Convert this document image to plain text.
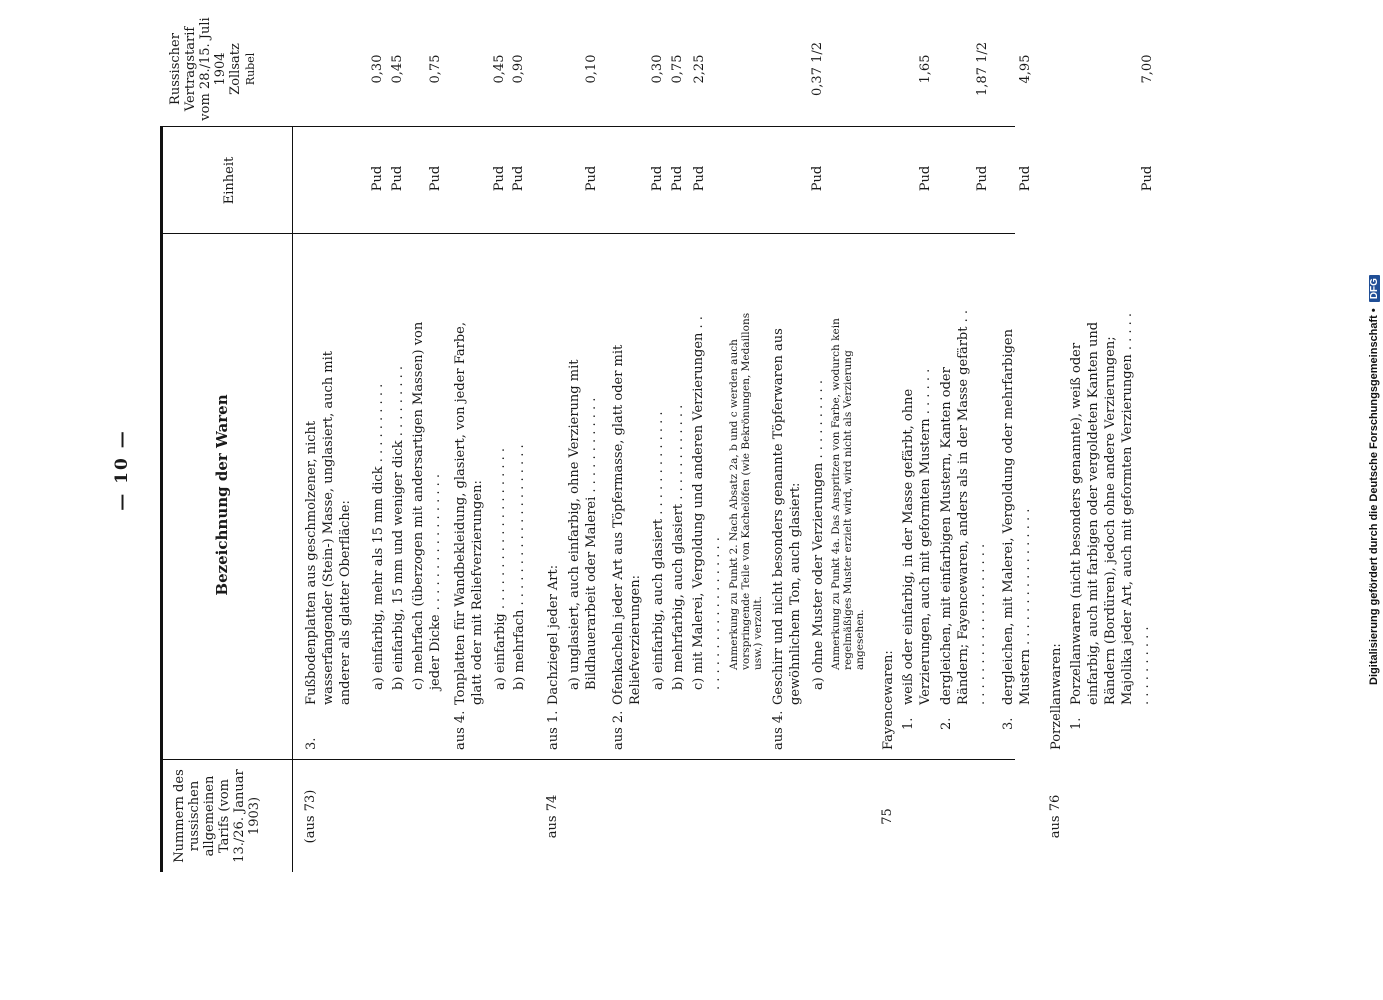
Digitalisierung gefördert durch die Deutsche Forschungsgemeinschaft • DFG
— 10 —
Nummern des russischen allgemeinen Tarifs (vom 13./26. Januar 1903)
Bezeichnung der Waren
Einheit
Russischer Vertragstarif vom 28./15. Juli 1904 Zollsatz Rubel
(aus 73)
3.
Fußbodenplatten aus geschmolzener, nicht wasserfangender (Stein-) Masse, unglasiert, auch mit anderer als glatter Oberfläche: a) einfarbig, mehr als 15 mm dick . . . . . . . . . .
Pud
0,30
b) einfarbig, 15 mm und weniger dick . . . . . . . . .
Pud
0,45
c) mehrfach (überzogen mit andersartigen Massen) von jeder Dicke . . . . . . . . . . . . . . . . .
Pud
0,75
aus 4.
Tonplatten für Wandbekleidung, glasiert, von jeder Farbe, glatt oder mit Reliefverzierungen: a) einfarbig . . . . . . . . . . . . . . . . . . . .
Pud
0,45
b) mehrfach . . . . . . . . . . . . . . . . . . . .
Pud
0,90
aus 74
aus 1.
Dachziegel jeder Art: a) unglasiert, auch einfarbig, ohne Verzierung mit Bildhauerarbeit oder Malerei . . . . . . . . . . . .
Pud
0,10
aus 2.
Ofenkacheln jeder Art aus Töpfermasse, glatt oder mit Reliefverzierungen: a) einfarbig, auch glasiert . . . . . . . . . . . . .
Pud
0,30
b) mehrfarbig, auch glasiert . . . . . . . . . . . .
Pud
0,75
c) mit Malerei, Vergoldung und anderen Verzierungen . . . . . . . . . . . . . . . . . . . . .
Pud
2,25
Anmerkung zu Punkt 2. Nach Absatz 2a, b und c werden auch vorspringende Teile von Kachelöfen (wie Bekrönungen, Medaillons usw.) verzollt.
aus 4.
Geschirr und nicht besonders genannte Töpferwaren aus gewöhnlichem Ton, auch glasiert: a) ohne Muster oder Verzierungen . . . . . . . . . .
Pud
0,37 1/2
Anmerkung zu Punkt 4a. Das Anspritzen von Farbe, wodurch kein regelmäßiges Muster erzielt wird, wird nicht als Verzierung angesehen.
75
Fayencewaren: 1.
weiß oder einfarbig, in der Masse gefärbt, ohne Verzierungen, auch mit geformten Mustern . . . . . .
Pud
1,65
2.
dergleichen, mit einfarbigen Mustern, Kanten oder Rändern; Fayencewaren, anders als in der Masse gefärbt . . . . . . . . . . . . . . . . . . . . . .
Pud
1,87 1/2
3.
dergleichen, mit Malerei, Vergoldung oder mehrfarbigen Mustern . . . . . . . . . . . . . . . . .
Pud
4,95
aus 76
Porzellanwaren: 1.
Porzellanwaren (nicht besonders genannte), weiß oder einfarbig, auch mit farbigen oder vergoldeten Kanten und Rändern (Bordüren), jedoch ohne andere Verzierungen; Majolika jeder Art, auch mit geformten Verzierungen . . . . . . . . . . . . . . .
Pud
7,00
